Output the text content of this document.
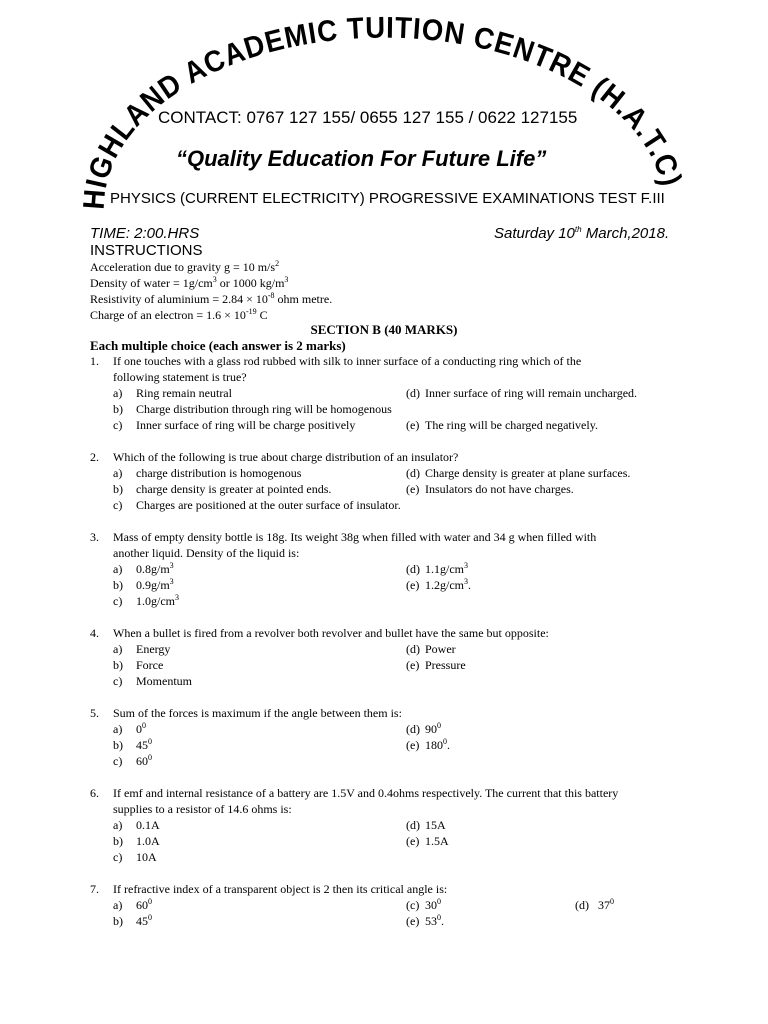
HIGHLAND ACADEMIC TUITION CENTRE (H.A.T.C)
CONTACT: 0767 127 155/ 0655 127 155 / 0622 127155
“Quality Education For Future Life”
PHYSICS (CURRENT ELECTRICITY) PROGRESSIVE EXAMINATIONS TEST F.III
TIME: 2:00.HRS	Saturday 10th March,2018.
INSTRUCTIONS
Acceleration due to gravity g = 10 $m/s^2$
Density of water = $1g/cm^3$ or 1000 $kg/m^3$
Resistivity of aluminium = $2.84 \times 10^{-8}$ ohm metre.
Charge of an electron = $1.6 \times 10^{-19}$ C
SECTION B (40 MARKS)
Each multiple choice (each answer is 2 marks)
1. If one touches with a glass rod rubbed with silk to inner surface of a conducting ring which of the
following statement is true?
a) Ring remain neutral	(d) Inner surface of ring will remain uncharged.
b) Charge distribution through ring will be homogenous
c) Inner surface of ring will be charge positively	(e) The ring will be charged negatively.
2. Which of the following is true about charge distribution of an insulator?
a) charge distribution is homogenous	(d) Charge density is greater at plane surfaces.
b) charge density is greater at pointed ends.	(e) Insulators do not have charges.
c) Charges are positioned at the outer surface of insulator.
3. Mass of empty density bottle is 18g. Its weight 38g when filled with water and 34 g when filled with
another liquid. Density of the liquid is:
a) $0.8g/m^3$	(d) $1.1g/cm^3$
b) $0.9g/m^3$	(e) $1.2g/cm^3$.
c) $1.0g/cm^3$
4. When a bullet is fired from a revolver both revolver and bullet have the same but opposite:
a) Energy	(d) Power
b) Force	(e) Pressure
c) Momentum
5. Sum of the forces is maximum if the angle between them is:
a) $0^0$	(d) $90^0$
b) $45^0$	(e) $180^0$.
c) $60^0$
6. If emf and internal resistance of a battery are 1.5V and 0.4ohms respectively. The current that this battery
supplies to a resistor of 14.6 ohms is:
a) 0.1A	(d) 15A
b) 1.0A	(e) 1.5A
c) 10A
7. If refractive index of a transparent object is 2 then its critical angle is:
a) $60^0$	(c) $30^0$	(d) $37^0$
b) $45^0$	(e) $53^0$.
